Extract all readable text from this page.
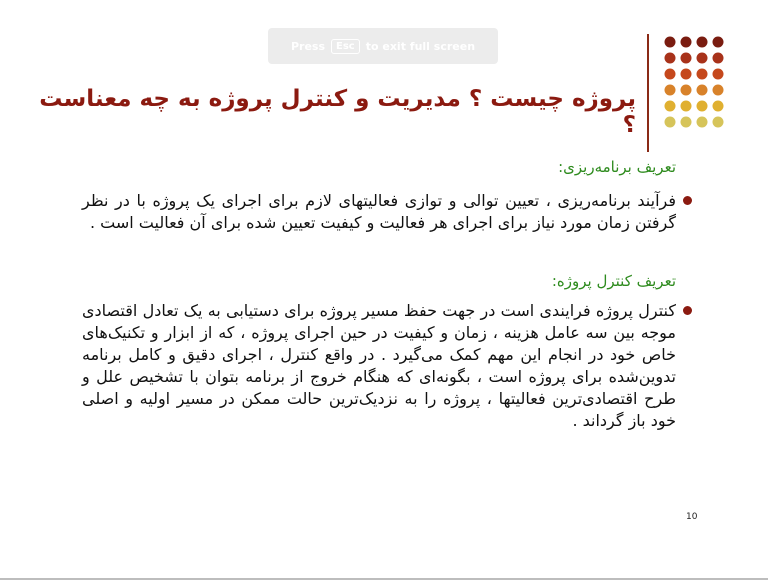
Press	Esc	to exit full screen
پروژه چیست ؟ مدیریت و کنترل پروژه به چه معناست ؟
تعریف برنامه‌ریزی:
فرآیند برنامه‌ریزی ، تعیین توالی و توازی فعالیتهای لازم برای اجرای یک پروژه با در نظر گرفتن زمان مورد نیاز برای اجرای هر فعالیت و کیفیت تعیین شده برای آن فعالیت است .
تعریف کنترل پروژه:
کنترل پروژه فرایندی است در جهت حفظ مسیر پروژه برای دستیابی به یک تعادل اقتصادی موجه بین سه عامل هزینه ، زمان و کیفیت در حین اجرای پروژه ، که از ابزار و تکنیک‌های خاص خود در انجام این مهم کمک می‌گیرد . در واقع کنترل ، اجرای دقیق و کامل برنامه تدوین‌شده برای پروژه است ، بگونه‌ای که هنگام خروج از برنامه بتوان با تشخیص علل و طرح اقتصادی‌ترین فعالیتها ، پروژه را به نزدیک‌ترین حالت ممکن در مسیر اولیه و اصلی خود باز گرداند .
10
